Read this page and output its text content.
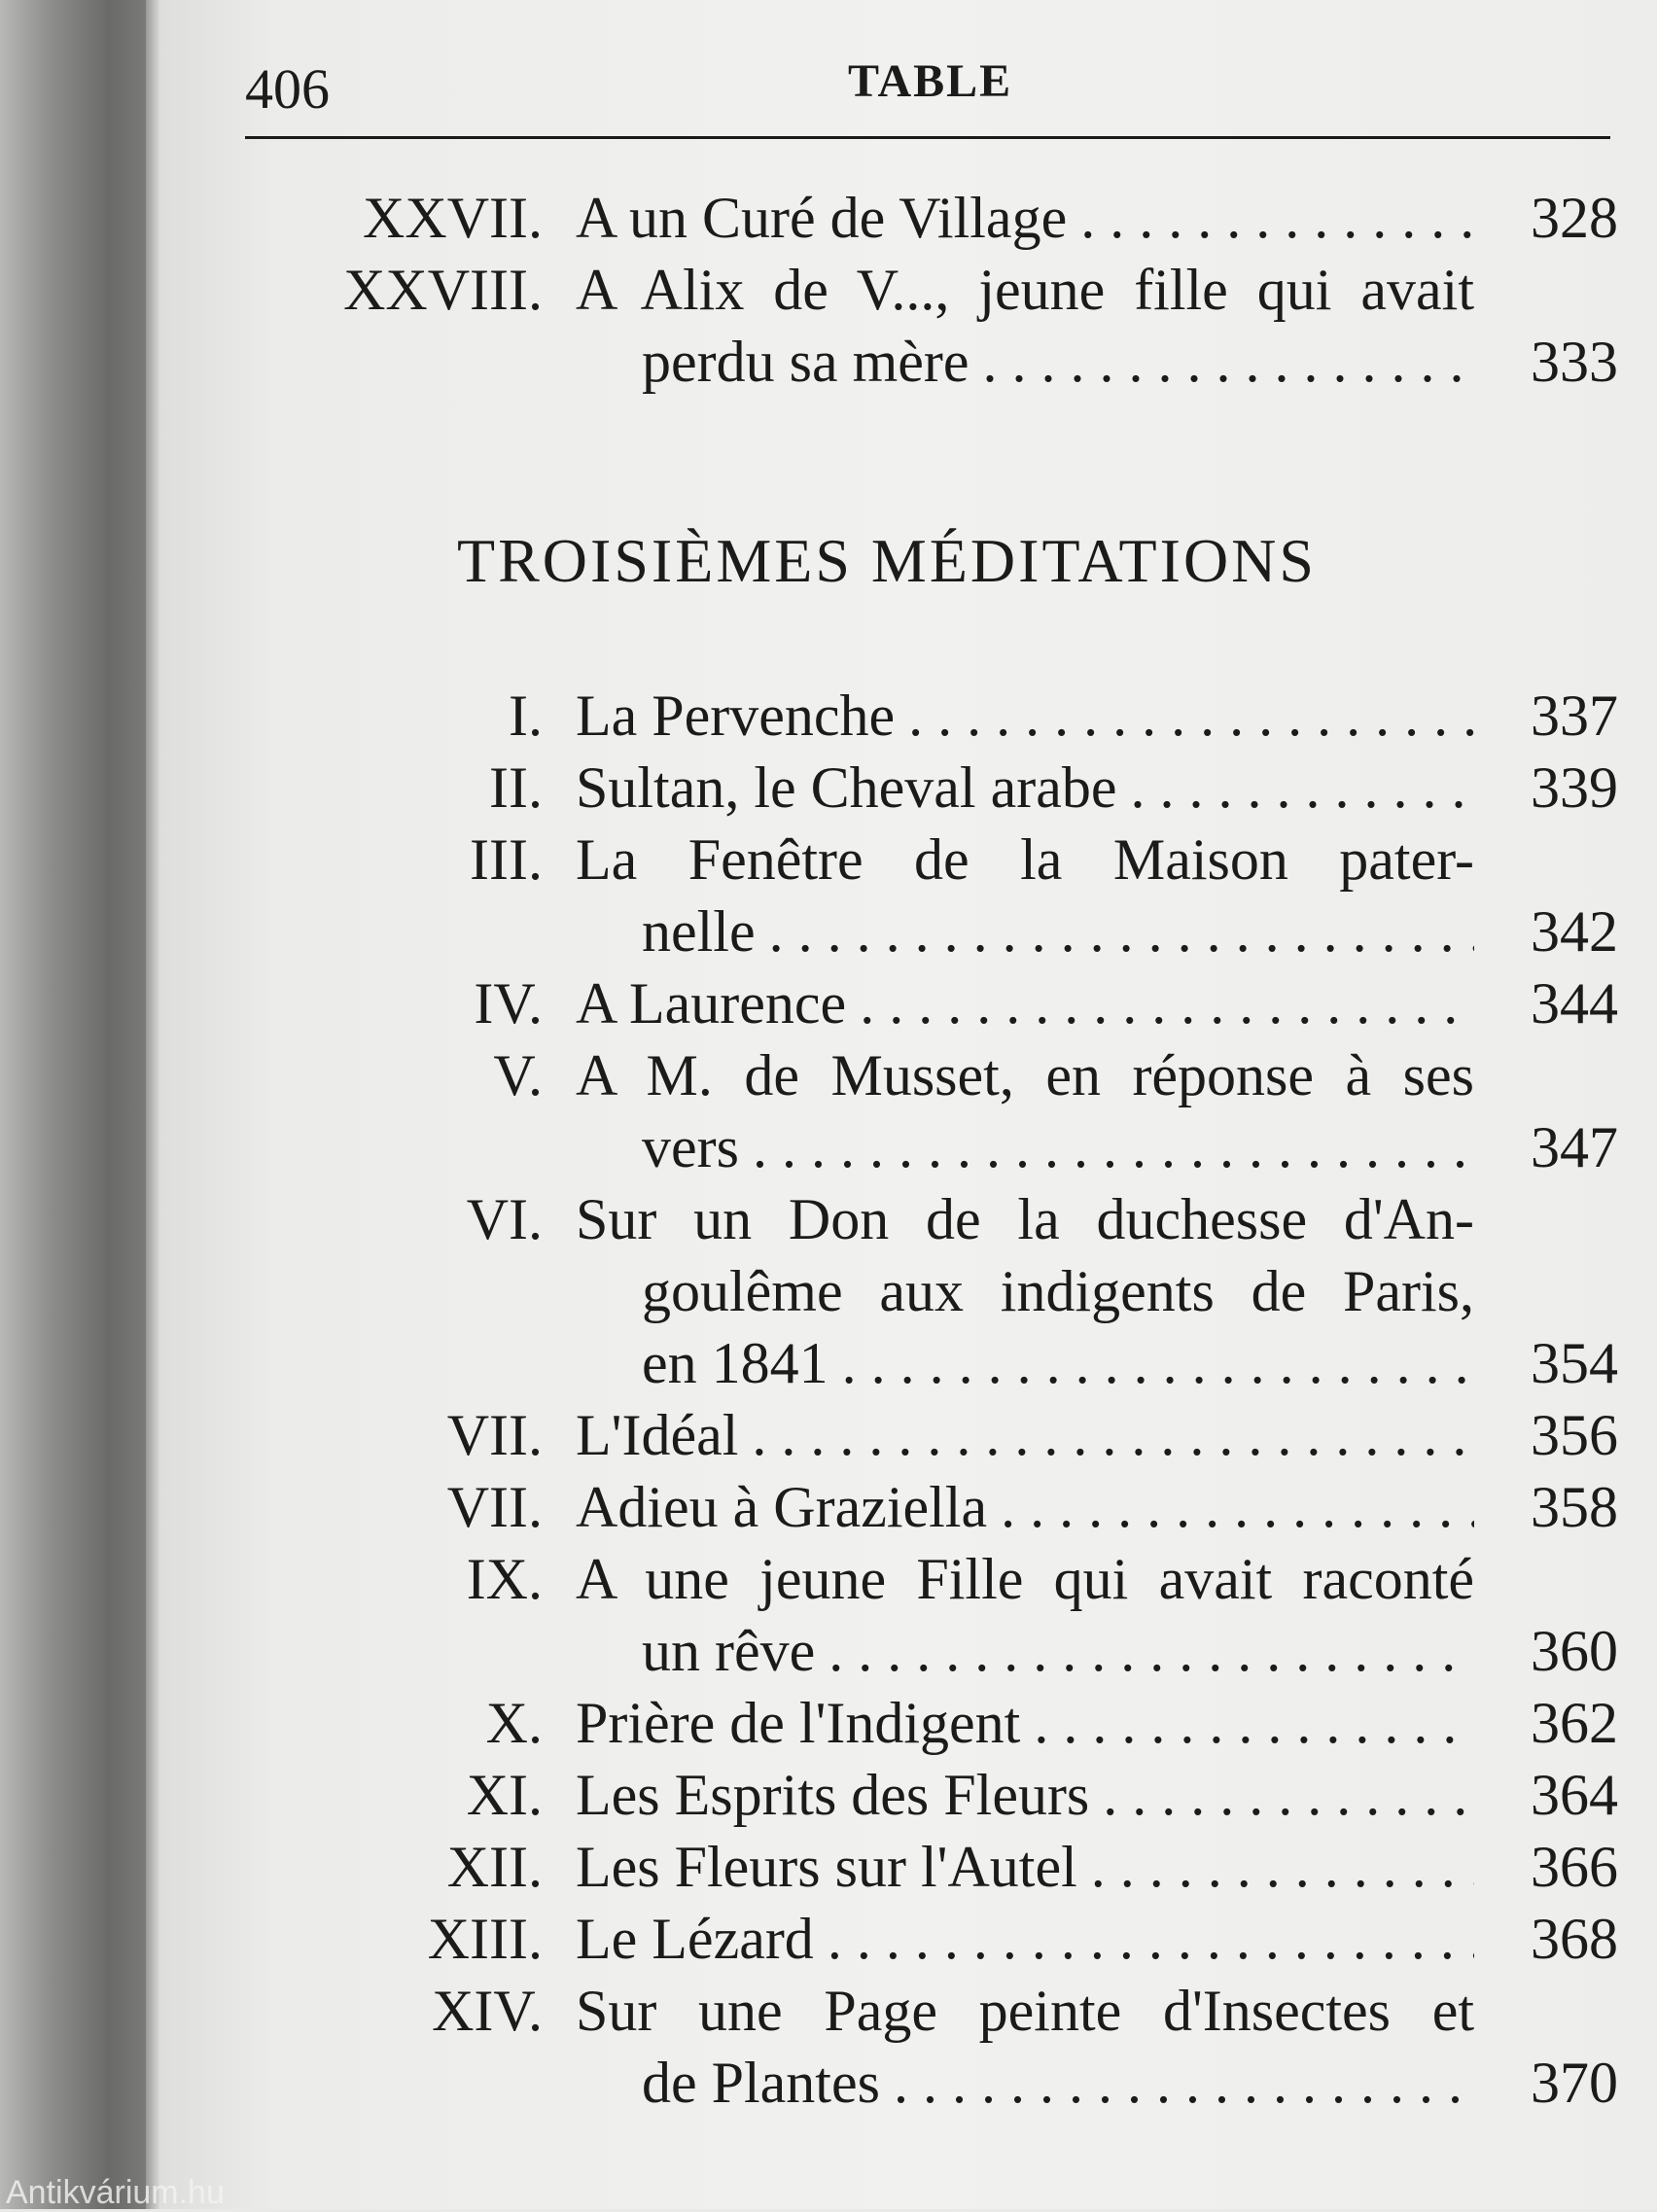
406	TABLE
XXVII. A un Curé de Village . . .	328
XXVIII. A Alix de V..., jeune fille qui avait
perdu sa mère . . .	333
I. La Pervenche . . .	337
II. Sultan, le Cheval arabe . . .	339
III. La Fenêtre de la Maison pater-
nelle . . .	342
IV. A Laurence . . .	344
V. A M. de Musset, en réponse à ses
vers . . .	347
VI. Sur un Don de la duchesse d'An-
goulême aux indigents de Paris,
en 1841 . . .	354
VII. L'Idéal . . .	356
VII. Adieu à Graziella . . .	358
IX. A une jeune Fille qui avait raconté
un rêve . . .	360
X. Prière de l'Indigent . . .	362
XI. Les Esprits des Fleurs . . .	364
XII. Les Fleurs sur l'Autel . . .	366
XIII. Le Lézard . . .	368
XIV. Sur une Page peinte d'Insectes et
de Plantes . . .	370
TROISIÈMES MÉDITATIONS
Antikvárium.hu
